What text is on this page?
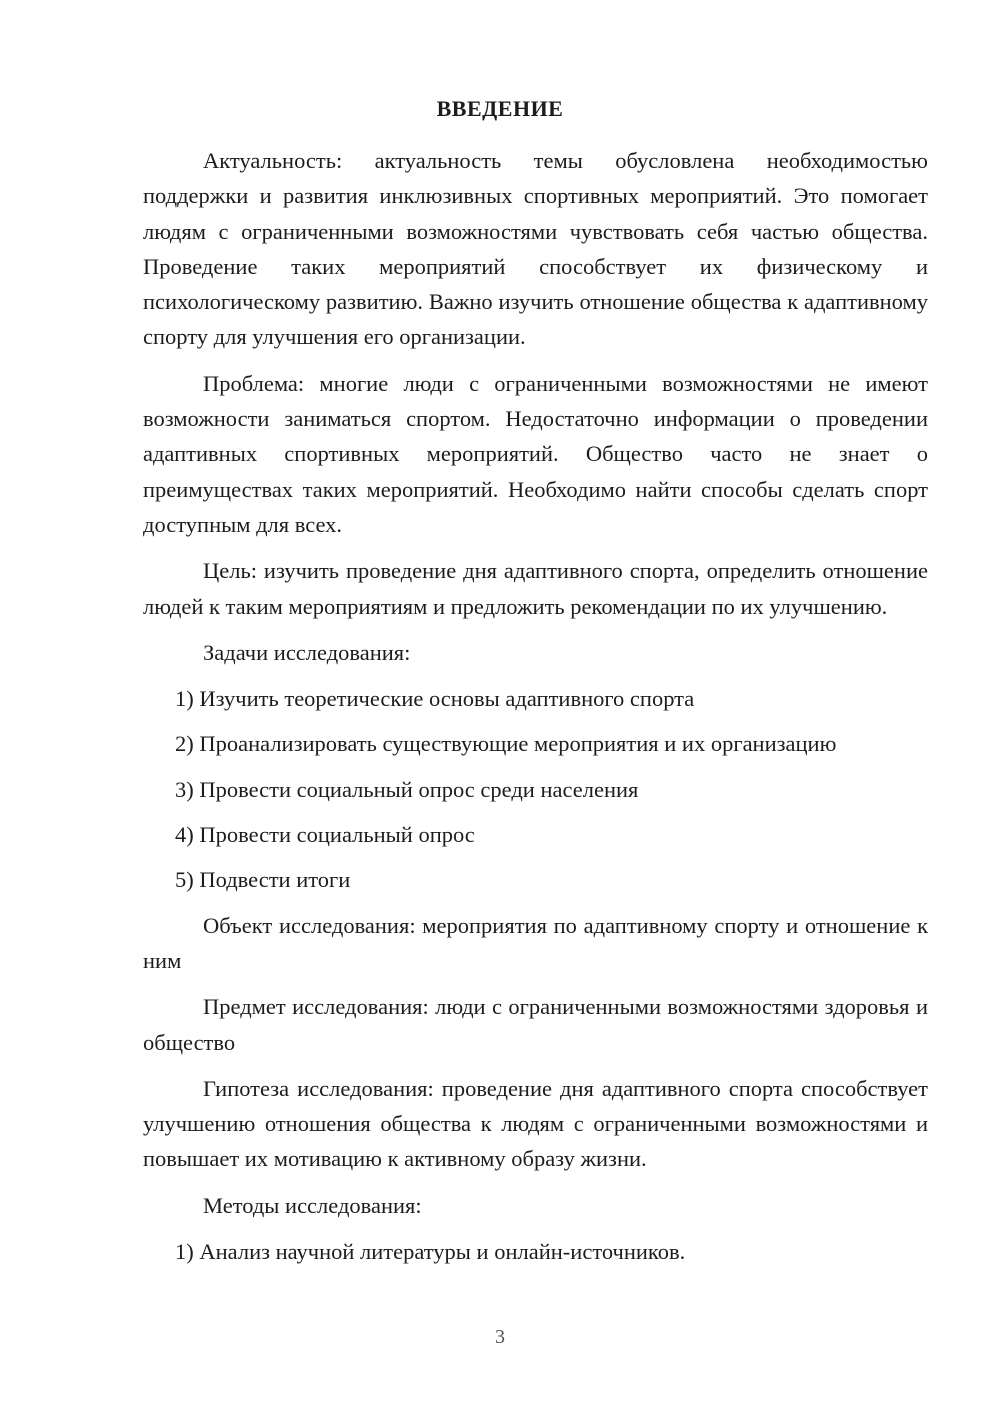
ВВЕДЕНИЕ

Актуальность: актуальность темы обусловлена необходимостью поддержки и развития инклюзивных спортивных мероприятий. Это помогает людям с ограниченными возможностями чувствовать себя частью общества. Проведение таких мероприятий способствует их физическому и психологическому развитию. Важно изучить отношение общества к адаптивному спорту для улучшения его организации.

Проблема: многие люди с ограниченными возможностями не имеют возможности заниматься спортом. Недостаточно информации о проведении адаптивных спортивных мероприятий. Общество часто не знает о преимуществах таких мероприятий. Необходимо найти способы сделать спорт доступным для всех.

Цель: изучить проведение дня адаптивного спорта, определить отношение людей к таким мероприятиям и предложить рекомендации по их улучшению.

Задачи исследования:

1) Изучить теоретические основы адаптивного спорта
2) Проанализировать существующие мероприятия и их организацию
3) Провести социальный опрос среди населения
4) Провести социальный опрос
5) Подвести итоги

Объект исследования: мероприятия по адаптивному спорту и отношение к ним

Предмет исследования: люди с ограниченными возможностями здоровья и общество

Гипотеза исследования: проведение дня адаптивного спорта способствует улучшению отношения общества к людям с ограниченными возможностями и повышает их мотивацию к активному образу жизни.

Методы исследования:

1) Анализ научной литературы и онлайн-источников.

3
